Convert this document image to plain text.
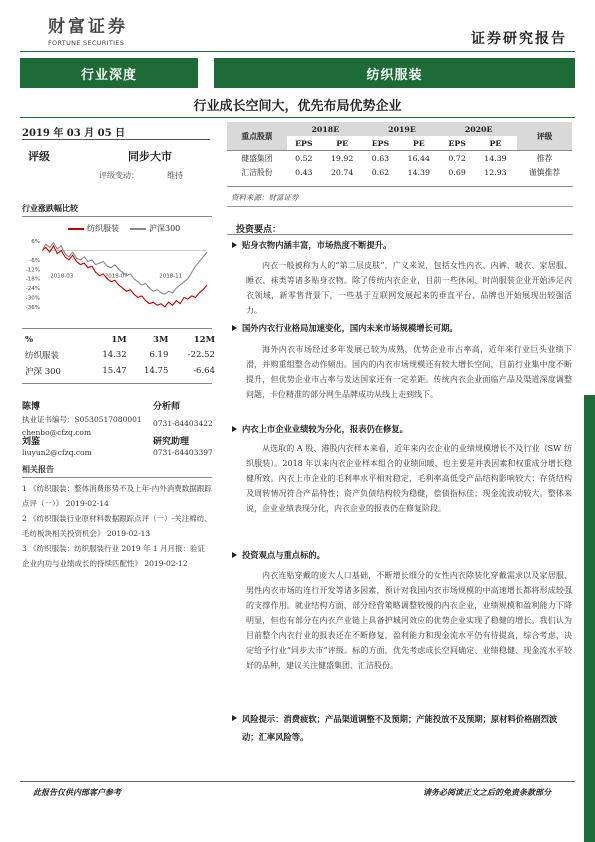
财富证券
FORTUNE SECURITIES	证券研究报告
行业深度	纺织服装
行业成长空间大，优先布局优势企业
2019 年 03 月 05 日
评级	同步大市
评级变动：	维持
行业涨跌幅比较
纺织服装	沪深300
6%
-6%
-12%
-18%
-24%
-30%
-36%
2018-03	2018-07	2018-11
%	1M	3M	12M
纺织服装	14.32	6.19	-22.52
沪深 300	15.47	14.75	-6.64
陈博	分析师
执业证书编号：S0530517080001 0731-84403422
chenbo@cfzq.com
刘鉴	研究助理
liuyun2@cfzq.com	0731-84403397
相关报告
1 《纺织服装：整体消费形势不及上年-内外消费数据跟踪点评（一）》 2019-02-14
2 《纺织服装行业原材料数据跟踪点评（一）-关注棉纺、毛纺板块相关投资机会》 2019-02-13
3 《纺织服装：纺织服装行业 2019 年 1 月月报：验证企业内功与业绩成长的持续匹配性》 2019-02-12
重点股票	2018E		2019E		2020E		评级
	EPS	PE	EPS	PE	EPS	PE	
健盛集团	0.52	19.92	0.63	16.44	0.72	14.39	推荐
汇洁股份	0.43	20.74	0.62	14.39	0.69	12.93	谨慎推荐
资料来源：财富证券
投资要点：
贴身衣物内涵丰富，市场热度不断提升。
内衣一般被称为人的“第二层皮肤”，广义来说，包括女性内衣、内裤、暖衣、家居服、睡衣、袜类等诸多贴身衣物。除了传统内衣企业，目前一些休闲、时尚服装企业开始涉足内衣领域，新零售背景下，一些基于互联网发展起来的垂直平台、品牌也开始展现出较强活力。
国外内衣行业格局加速变化，国内未来市场规模增长可期。
海外内衣市场经过多年发展已较为成熟，优势企业市占率高，近年来行业巨头业绩下滑，并购重组整合动作频出。国内的内衣市场规模还有较大增长空间，目前行业集中度不断提升，但优势企业市占率与发达国家还有一定差距。传统内衣企业面临产品及渠道深度调整问题，卡位精准的部分网生品牌成功从线上走到线下。
内衣上市企业业绩较为分化，报表仍在修复。
从选取的 A 股、港股内衣样本来看，近年来内衣企业的业绩规模增长不及行业（SW 纺织服装）。2018 年以来内衣企业样本组合的业绩回暖，也主要是并表因素和权重成分增长稳健所致。内衣上市企业的毛利率水平相对稳定，毛利率高低受产品结构影响较大；存货结构及周转情况符合产品特性；资产负债结构较为稳健，偿债指标佳；现金流波动较大。整体来说，企业业绩表现分化，内衣企业的报表仍在修复阶段。
投资观点与重点标的。
内衣连贴穿戴的庞大人口基础，不断增长细分的女性内衣除装化穿戴需求以及家居服、男性内衣市场的连行开发等诸多因素，预计对我国内衣市场规模的中高速增长都将形成较强的支撑作用。就业结构方面，部分经营策略调整较慢的内衣企业，业绩规模和盈利能力下降明显，但也有部分在内衣产业链上具备护城河效应的优势企业实现了稳健的增长。我们认为目前整个内衣行业的报表还在不断修复，盈利能力和现金流水平仍有待提高，综合考虑，决定给予行业“同步大市”评级。标的方面，优先考虑成长空间确定、业绩稳健、现金流水平较好的品种，建议关注健盛集团、汇洁股份。
风险提示：消费疲软；产品渠道调整不及预期；产能投放不及预期；原材料价格剧烈波动；汇率风险等。
此报告仅供内部客户参考	请务必阅读正文之后的免责条款部分
